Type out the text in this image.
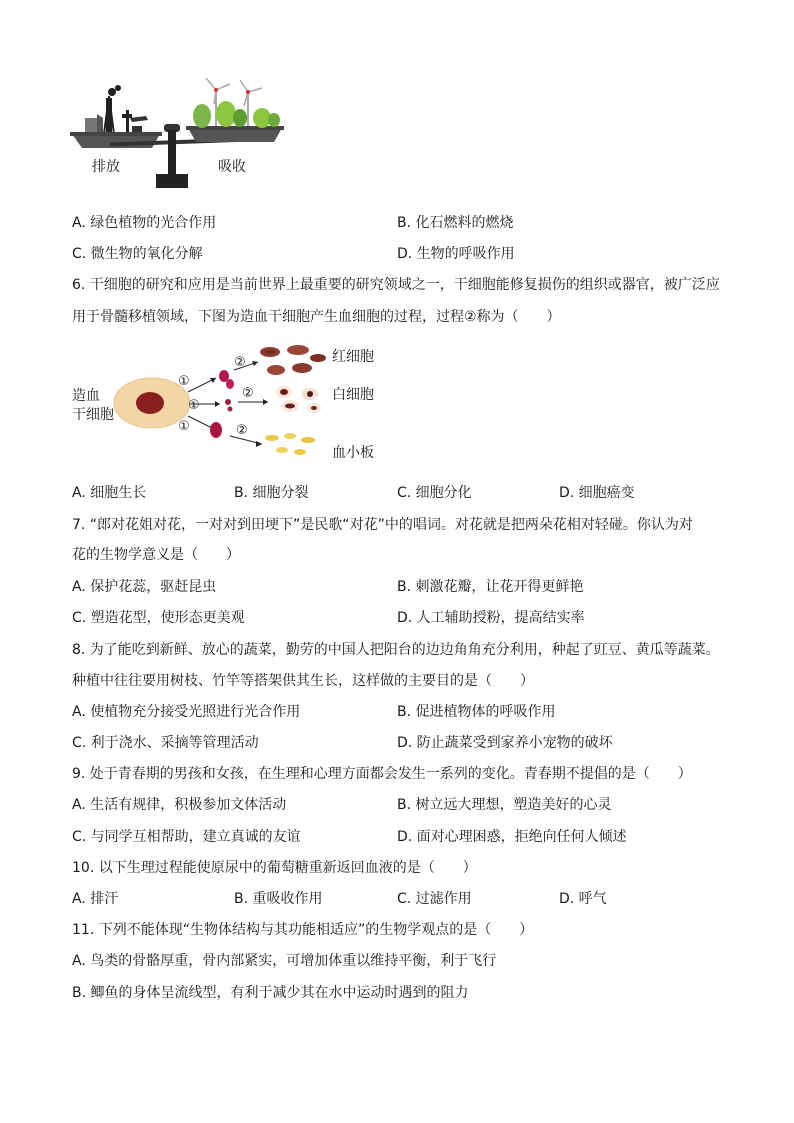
排放	吸收
A. 绿色植物的光合作用	B. 化石燃料的燃烧
C. 微生物的氧化分解	D. 生物的呼吸作用
6. 干细胞的研究和应用是当前世界上最重要的研究领域之一，干细胞能修复损伤的组织或器官，被广泛应
用于骨髓移植领域，下图为造血干细胞产生血细胞的过程，过程②称为（　　）
造血
干细胞
①
①
①
②
②
②
红细胞
白细胞
血小板
A. 细胞生长	B. 细胞分裂	C. 细胞分化	D. 细胞癌变
7. “郎对花姐对花，一对对到田埂下”是民歌“对花”中的唱词。对花就是把两朵花相对轻碰。你认为对
花的生物学意义是（　　）
A. 保护花蕊，驱赶昆虫	B. 刺激花瓣，让花开得更鲜艳
C. 塑造花型，使形态更美观	D. 人工辅助授粉，提高结实率
8. 为了能吃到新鲜、放心的蔬菜，勤劳的中国人把阳台的边边角角充分利用，种起了豇豆、黄瓜等蔬菜。
种植中往往要用树枝、竹竿等搭架供其生长，这样做的主要目的是（　　）
A. 使植物充分接受光照进行光合作用	B. 促进植物体的呼吸作用
C. 利于浇水、采摘等管理活动	D. 防止蔬菜受到家养小宠物的破坏
9. 处于青春期的男孩和女孩，在生理和心理方面都会发生一系列的变化。青春期不提倡的是（　　）
A. 生活有规律，积极参加文体活动	B. 树立远大理想，塑造美好的心灵
C. 与同学互相帮助，建立真诚的友谊	D. 面对心理困惑，拒绝向任何人倾述
10. 以下生理过程能使原尿中的葡萄糖重新返回血液的是（　　）
A. 排汗	B. 重吸收作用	C. 过滤作用	D. 呼气
11. 下列不能体现“生物体结构与其功能相适应”的生物学观点的是（　　）
A. 鸟类的骨骼厚重，骨内部紧实，可增加体重以维持平衡，利于飞行
B. 鲫鱼的身体呈流线型，有利于减少其在水中运动时遇到的阻力
